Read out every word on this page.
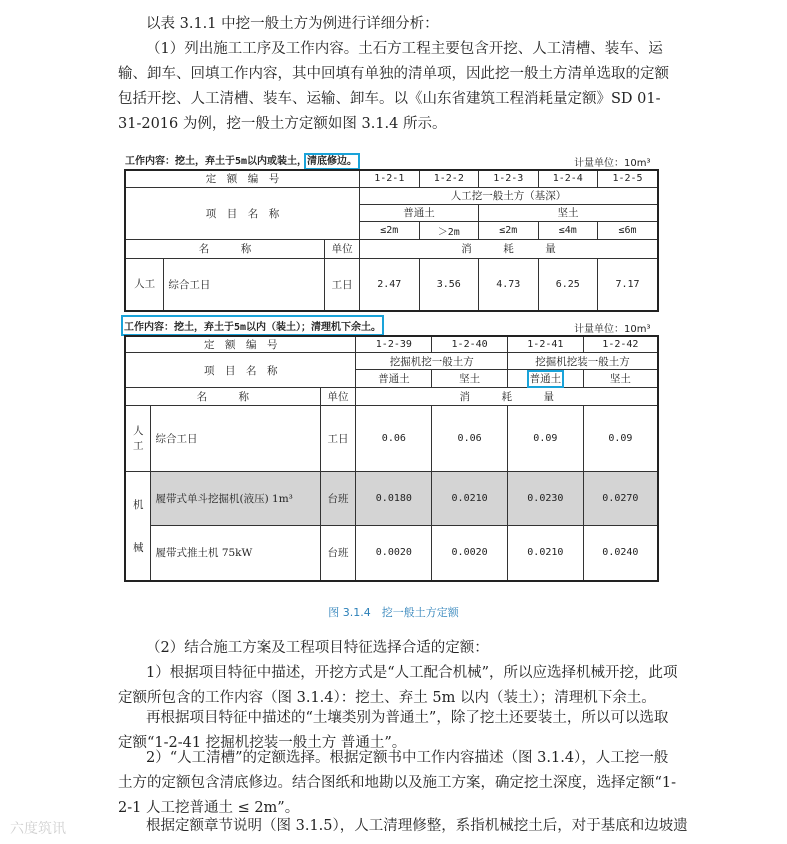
以表 3.1.1 中挖一般土方为例进行详细分析：
（1）列出施工工序及工作内容。土石方工程主要包含开挖、人工清槽、装车、运输、卸车、回填工作内容，其中回填有单独的清单项，因此挖一般土方清单选取的定额包括开挖、人工清槽、装车、运输、卸车。以《山东省建筑工程消耗量定额》SD 01-31-2016 为例，挖一般土方定额如图 3.1.4 所示。
工作内容：挖土，弃土于5m以内或装土，清底修边。	计量单位：10m³
定　额　编　号			1-2-1	1-2-2	1-2-3	1-2-4	1-2-5
项　目　名　称			人工挖一般土方（基深）				
			普通土		坚土		
			≤2m	＞2m	≤2m	≤4m	≤6m
名　　　称		单位	消　　　耗　　　量				
人工	综合工日	工日	2.47	3.56	4.73	6.25	7.17
工作内容：挖土，弃土于5m以内（装土）；清理机下余土。	计量单位：10m³
定　额　编　号			1-2-39	1-2-40	1-2-41	1-2-42
项　目　名　称			挖掘机挖一般土方		挖掘机挖装一般土方	
			普通土	坚土	普通土	坚土
名　　　称		单位	消　　　耗　　　量			
人工	综合工日	工日	0.06	0.06	0.09	0.09

机
械	履带式单斗挖掘机(液压) 1m³	台班	0.0180	0.0210	0.0230	0.0270
	履带式推土机 75kW	台班	0.0020	0.0020	0.0210	0.0240
图 3.1.4　挖一般土方定额
（2）结合施工方案及工程项目特征选择合适的定额：
1）根据项目特征中描述，开挖方式是“人工配合机械”，所以应选择机械开挖，此项定额所包含的工作内容（图 3.1.4）：挖土、弃土 5m 以内（装土）；清理机下余土。
再根据项目特征中描述的“土壤类别为普通土”，除了挖土还要装土，所以可以选取定额“1-2-41 挖掘机挖装一般土方 普通土”。
2）“人工清槽”的定额选择。根据定额书中工作内容描述（图 3.1.4），人工挖一般土方的定额包含清底修边。结合图纸和地勘以及施工方案，确定挖土深度，选择定额“1-2-1 人工挖普通土 ≤ 2m”。
根据定额章节说明（图 3.1.5），人工清理修整，系指机械挖土后，对于基底和边坡遗
六度筑讯
